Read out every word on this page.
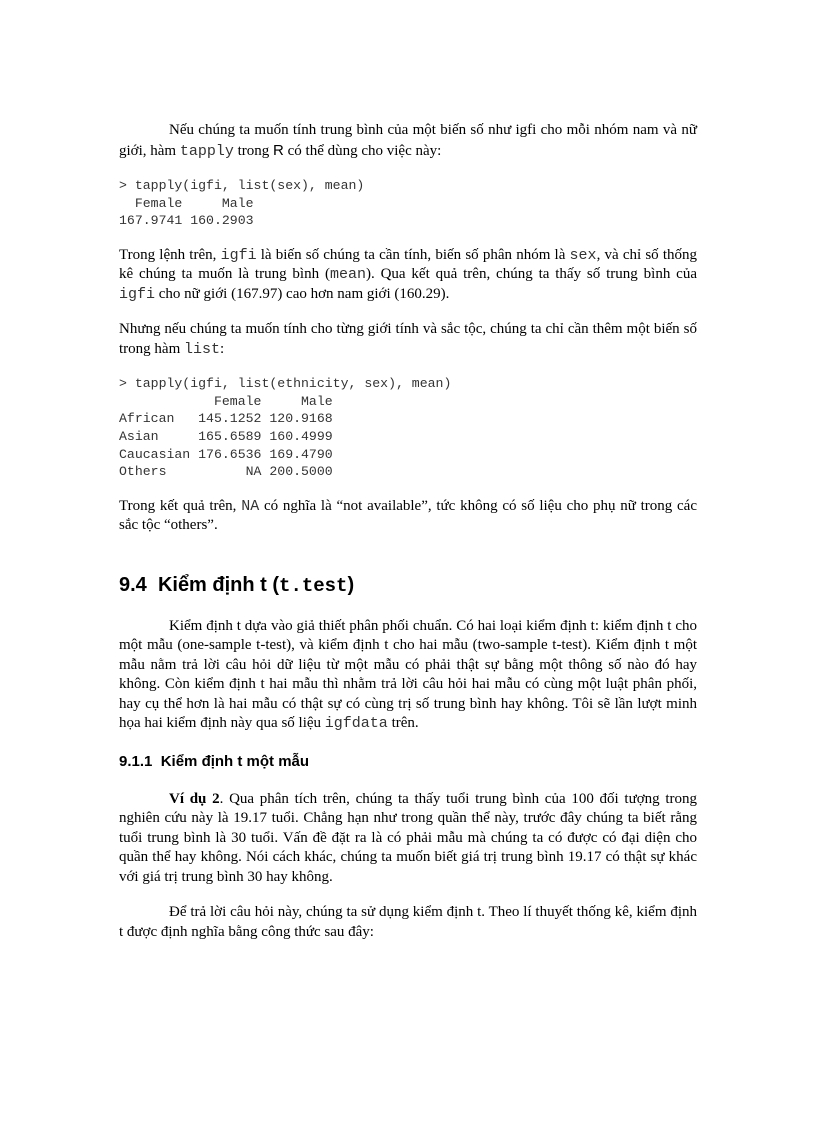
Nếu chúng ta muốn tính trung bình của một biến số như igfi cho mỗi nhóm nam và nữ giới, hàm tapply trong R có thể dùng cho việc này:

> tapply(igfi, list(sex), mean)
Female     Male
167.9741 160.2903

Trong lệnh trên, igfi là biến số chúng ta cần tính, biến số phân nhóm là sex, và chỉ số thống kê chúng ta muốn là trung bình (mean). Qua kết quả trên, chúng ta thấy số trung bình của igfi cho nữ giới (167.97) cao hơn nam giới (160.29).

Nhưng nếu chúng ta muốn tính cho từng giới tính và sắc tộc, chúng ta chỉ cần thêm một biến số trong hàm list:

> tapply(igfi, list(ethnicity, sex), mean)
Female     Male
African   145.1252 120.9168
Asian     165.6589 160.4999
Caucasian 176.6536 169.4790
Others          NA 200.5000

Trong kết quả trên, NA có nghĩa là “not available”, tức không có số liệu cho phụ nữ trong các sắc tộc “others”.

9.4 Kiểm định t (t.test)

Kiểm định t dựa vào giả thiết phân phối chuẩn. Có hai loại kiểm định t: kiểm định t cho một mẫu (one-sample t-test), và kiểm định t cho hai mẫu (two-sample t-test). Kiểm định t một mẫu nằm trả lời câu hỏi dữ liệu từ một mẫu có phải thật sự bằng một thông số nào đó hay không. Còn kiểm định t hai mẫu thì nhằm trả lời câu hỏi hai mẫu có cùng một luật phân phối, hay cụ thể hơn là hai mẫu có thật sự có cùng trị số trung bình hay không. Tôi sẽ lần lượt minh họa hai kiểm định này qua số liệu igfdata trên.

9.1.1 Kiểm định t một mẫu

Ví dụ 2. Qua phân tích trên, chúng ta thấy tuổi trung bình của 100 đối tượng trong nghiên cứu này là 19.17 tuổi. Chẳng hạn như trong quần thể này, trước đây chúng ta biết rằng tuổi trung bình là 30 tuổi. Vấn đề đặt ra là có phải mẫu mà chúng ta có được có đại diện cho quần thể hay không. Nói cách khác, chúng ta muốn biết giá trị trung bình 19.17 có thật sự khác với giá trị trung bình 30 hay không.

Để trả lời câu hỏi này, chúng ta sử dụng kiểm định t. Theo lí thuyết thống kê, kiểm định t được định nghĩa bằng công thức sau đây:
